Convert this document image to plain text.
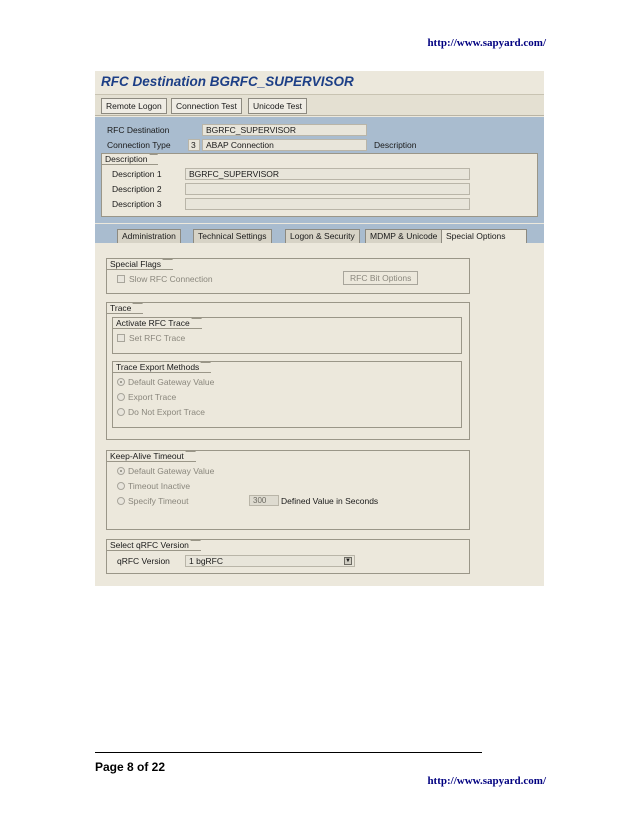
http://www.sapyard.com/
RFC Destination BGRFC_SUPERVISOR
Remote Logon	Connection Test	Unicode Test
RFC Destination	BGRFC_SUPERVISOR
Connection Type	3	ABAP Connection	Description
Description
Description 1	BGRFC_SUPERVISOR
Description 2
Description 3
Administration	Technical Settings	Logon & Security	MDMP & Unicode	Special Options
Special Flags
Slow RFC Connection	RFC Bit Options
Trace
Activate RFC Trace
Set RFC Trace
Trace Export Methods
Default Gateway Value
Export Trace
Do Not Export Trace
Keep-Alive Timeout
Default Gateway Value
Timeout Inactive
Specify Timeout	300	Defined Value in Seconds
Select qRFC Version
qRFC Version	1 bgRFC	▼
Page 8 of 22
http://www.sapyard.com/
